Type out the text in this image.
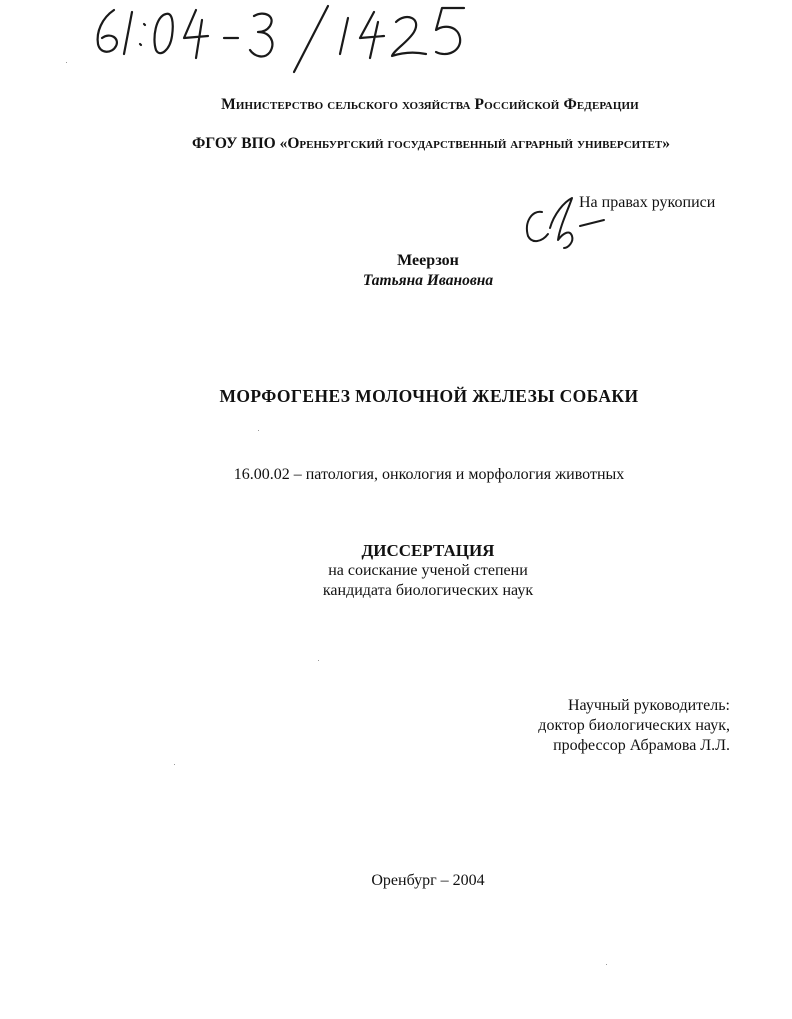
Министерство сельского хозяйства Российской Федерации
ФГОУ ВПО «Оренбургский государственный аграрный университет»
На правах рукописи
Меерзон
Татьяна Ивановна
МОРФОГЕНЕЗ МОЛОЧНОЙ ЖЕЛЕЗЫ СОБАКИ
16.00.02 – патология, онкология и морфология животных
ДИССЕРТАЦИЯ
на соискание ученой степени
кандидата биологических наук
Научный руководитель:
доктор биологических наук,
профессор Абрамова Л.Л.
Оренбург – 2004
